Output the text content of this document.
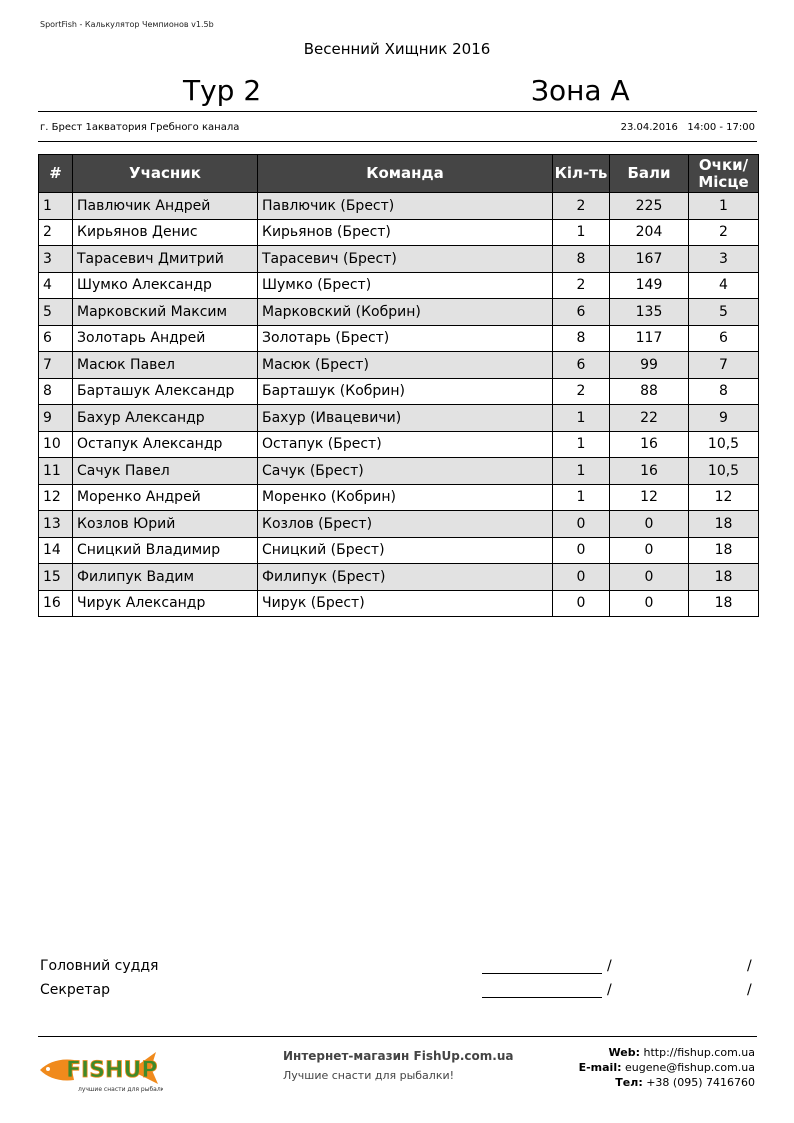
SportFish - Калькулятор Чемпионов v1.5b
Весенний Хищник 2016
Тур 2	Зона А
г. Брест 1акватория Гребного канала	23.04.2016 14:00 - 17:00
#	Учасник	Команда	Кіл-ть	Бали	Очки/ Місце
1	Павлючик Андрей	Павлючик (Брест)	2	225	1
2	Кирьянов Денис	Кирьянов (Брест)	1	204	2
3	Тарасевич Дмитрий	Тарасевич (Брест)	8	167	3
4	Шумко Александр	Шумко (Брест)	2	149	4
5	Марковский Максим	Марковский (Кобрин)	6	135	5
6	Золотарь Андрей	Золотарь (Брест)	8	117	6
7	Масюк Павел	Масюк (Брест)	6	99	7
8	Барташук Александр	Барташук (Кобрин)	2	88	8
9	Бахур Александр	Бахур (Ивацевичи)	1	22	9
10	Остапук Александр	Остапук (Брест)	1	16	10,5
11	Сачук Павел	Сачук (Брест)	1	16	10,5
12	Моренко Андрей	Моренко (Кобрин)	1	12	12
13	Козлов Юрий	Козлов (Брест)	0	0	18
14	Сницкий Владимир	Сницкий (Брест)	0	0	18
15	Филипук Вадим	Филипук (Брест)	0	0	18
16	Чирук Александр	Чирук (Брест)	0	0	18
Головний суддя	/	/
Секретар	/	/
FISHUP
лучшие снасти для рыбалки
Интернет-магазин FishUp.com.ua
Лучшие снасти для рыбалки!
Web: http://fishup.com.ua
E-mail: eugene@fishup.com.ua
Тел: +38 (095) 7416760
